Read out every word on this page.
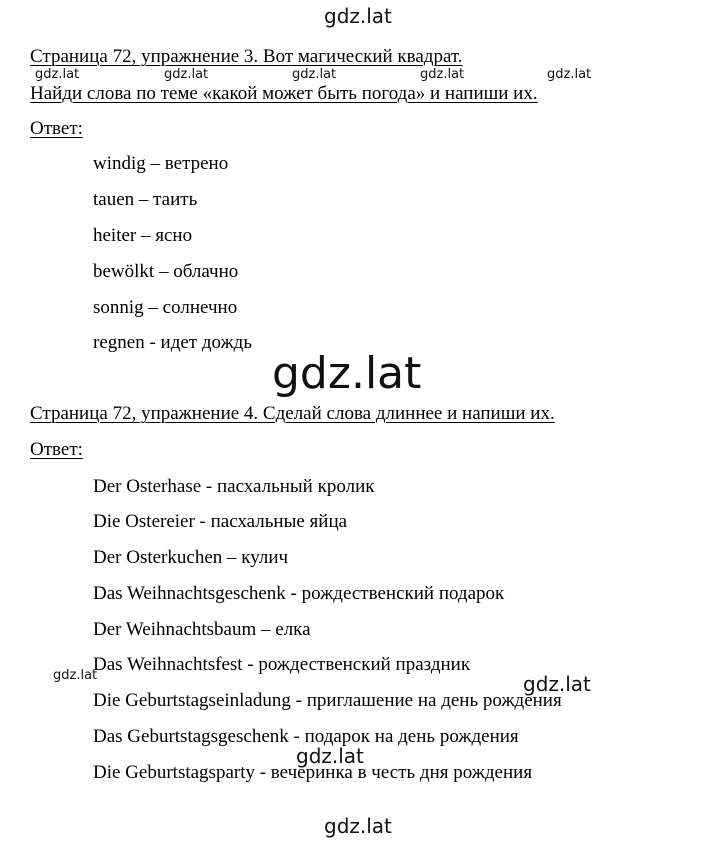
gdz.lat
Страница 72, упражнение 3. Вот магический квадрат.
gdz.lat	gdz.lat	gdz.lat	gdz.lat	gdz.lat
Найди слова по теме «какой может быть погода» и напиши их.
Ответ:
windig – ветрено
tauen – таить
heiter – ясно
bewölkt – облачно
sonnig – солнечно
regnen - идет дождь
gdz.lat
Страница 72, упражнение 4. Сделай слова длиннее и напиши их.
Ответ:
Der Osterhase - пасхальный кролик
Die Ostereier - пасхальные яйца
Der Osterkuchen – кулич
Das Weihnachtsgeschenk - рождественский подарок
Der Weihnachtsbaum – елка
Das Weihnachtsfest - рождественский праздник
gdz.lat	gdz.lat
Die Geburtstagseinladung - приглашение на день рождения
Das Geburtstagsgeschenk - подарок на день рождения
gdz.lat
Die Geburtstagsparty - вечеринка в честь дня рождения
gdz.lat
